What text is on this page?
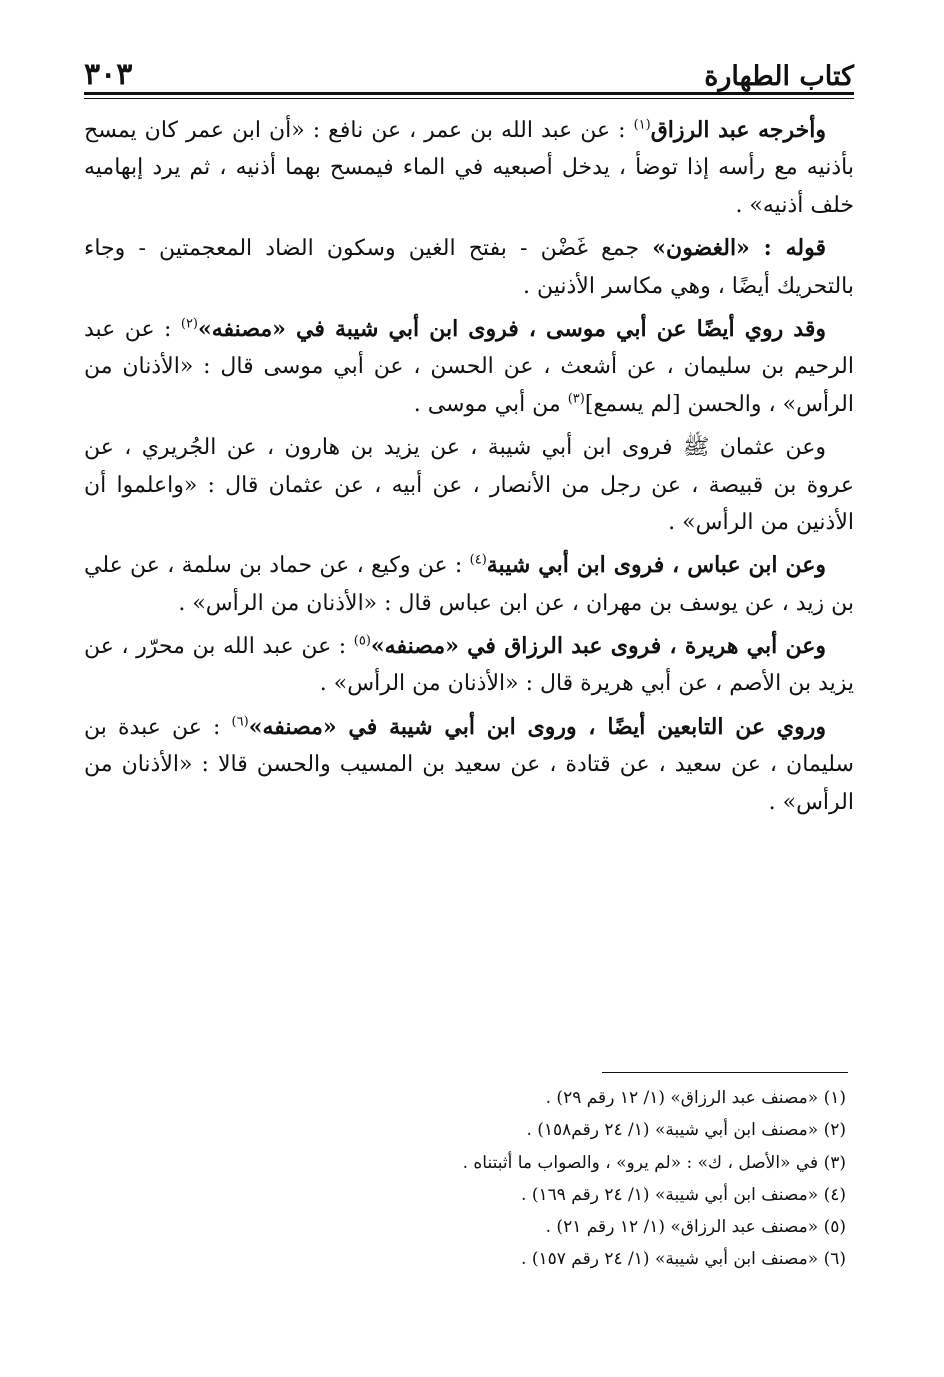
كتاب الطهارة
٣٠٣

وأخرجه عبد الرزاق$^{(١)}$ : عن عبد الله بن عمر ، عن نافع : «أن ابن عمر كان يمسح بأذنيه مع رأسه إذا توضأ ، يدخل أصبعيه في الماء فيمسح بهما أذنيه ، ثم يرد إبهاميه خلف أذنيه» .

قوله : «الغضون» جمع غَضْن - بفتح الغين وسكون الضاد المعجمتين - وجاء بالتحريك أيضًا ، وهي مكاسر الأذنين .

وقد روي أيضًا عن أبي موسى ، فروى ابن أبي شيبة في «مصنفه»$^{(٢)}$ : عن عبد الرحيم بن سليمان ، عن أشعث ، عن الحسن ، عن أبي موسى قال : «الأذنان من الرأس» ، والحسن [لم يسمع]$^{(٣)}$ من أبي موسى .

وعن عثمان ﷺ فروى ابن أبي شيبة ، عن يزيد بن هارون ، عن الجُريري ، عن عروة بن قبيصة ، عن رجل من الأنصار ، عن أبيه ، عن عثمان قال : «واعلموا أن الأذنين من الرأس» .

وعن ابن عباس ، فروى ابن أبي شيبة$^{(٤)}$ : عن وكيع ، عن حماد بن سلمة ، عن علي بن زيد ، عن يوسف بن مهران ، عن ابن عباس قال : «الأذنان من الرأس» .

وعن أبي هريرة ، فروى عبد الرزاق في «مصنفه»$^{(٥)}$ : عن عبد الله بن محرّر ، عن يزيد بن الأصم ، عن أبي هريرة قال : «الأذنان من الرأس» .

وروي عن التابعين أيضًا ، وروى ابن أبي شيبة في «مصنفه»$^{(٦)}$ : عن عبدة بن سليمان ، عن سعيد ، عن قتادة ، عن سعيد بن المسيب والحسن قالا : «الأذنان من الرأس» .

(١) «مصنف عبد الرزاق» (١/ ١٢ رقم ٢٩) .

(٢) «مصنف ابن أبي شيبة» (١/ ٢٤ رقم١٥٨) .

(٣) في «الأصل ، ك» : «لم يرو» ، والصواب ما أثبتناه .

(٤) «مصنف ابن أبي شيبة» (١/ ٢٤ رقم ١٦٩) .

(٥) «مصنف عبد الرزاق» (١/ ١٢ رقم ٢١) .

(٦) «مصنف ابن أبي شيبة» (١/ ٢٤ رقم ١٥٧) .
